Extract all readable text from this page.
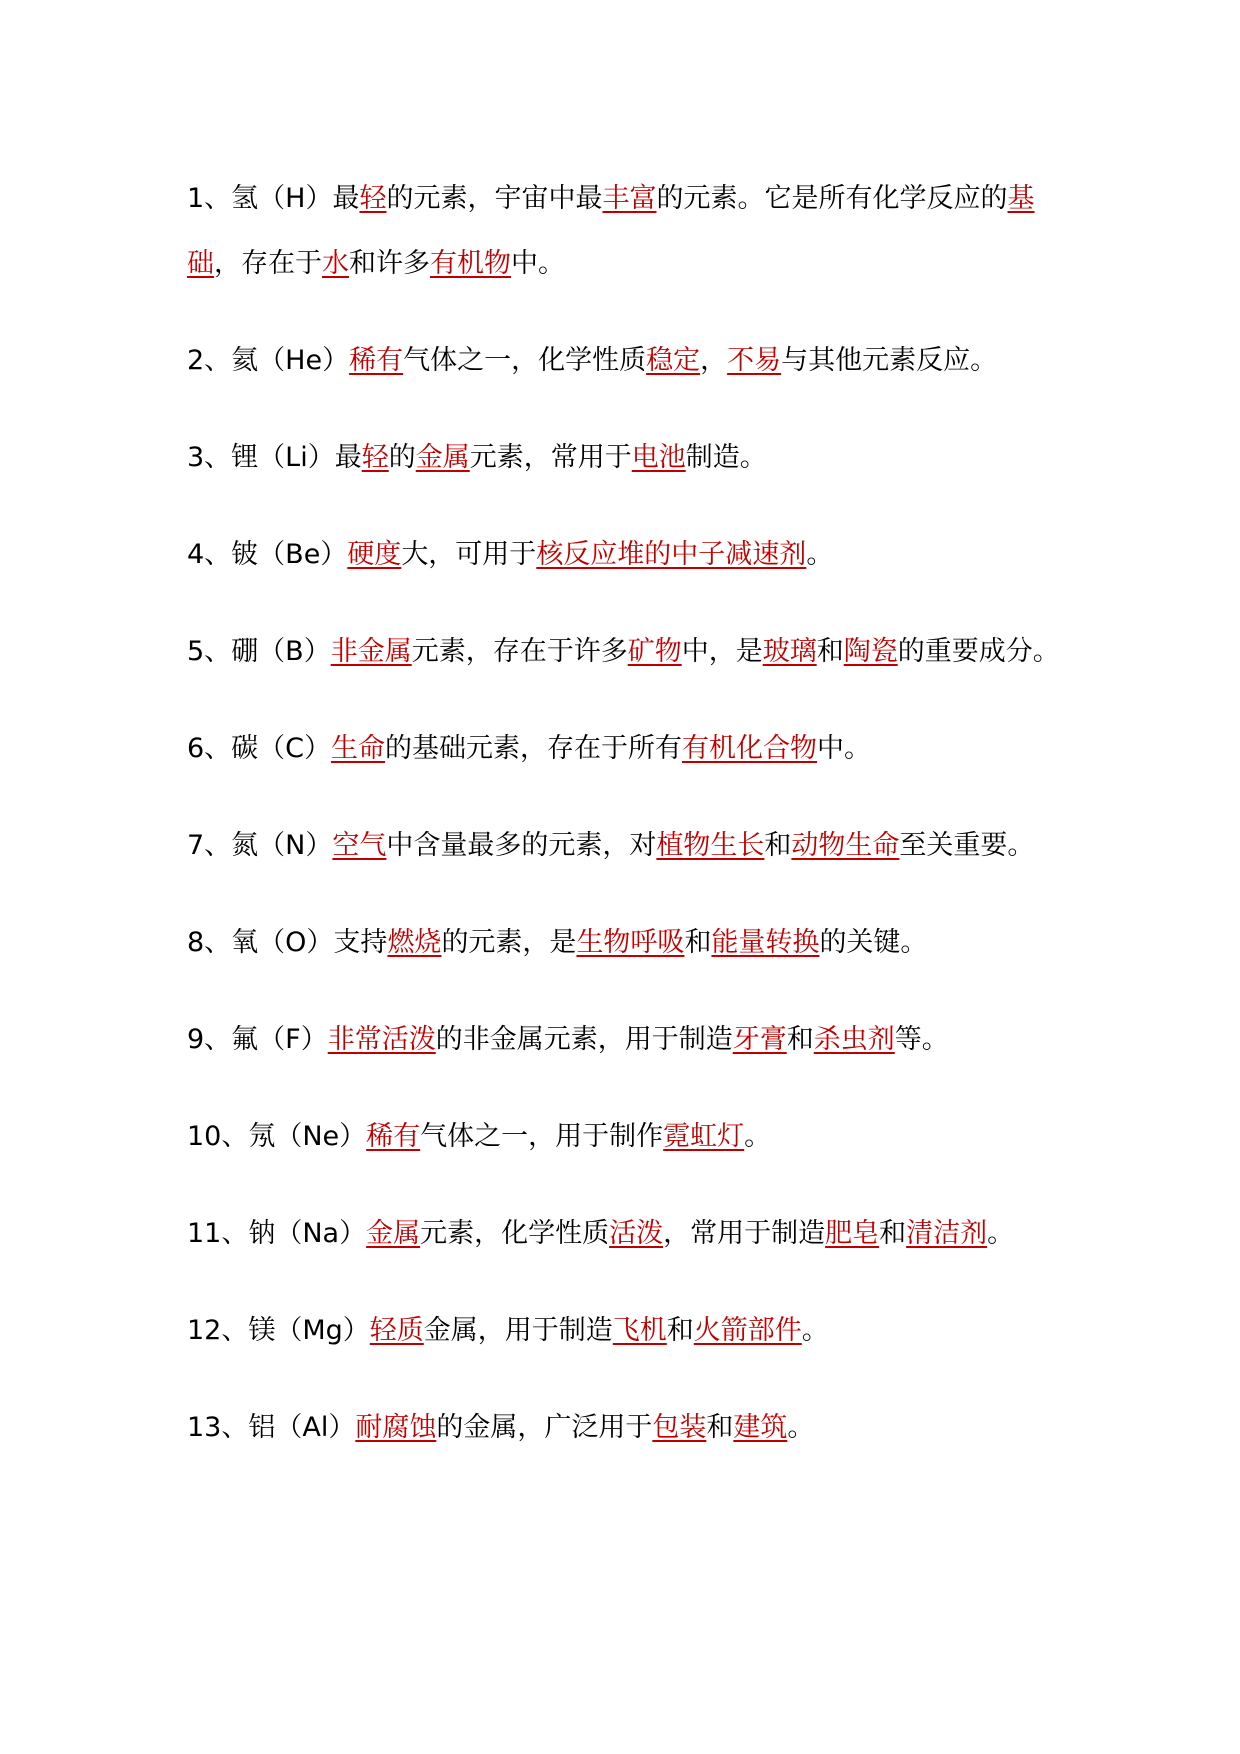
1、氢（H）最轻的元素，宇宙中最丰富的元素。它是所有化学反应的基础，存在于水和许多有机物中。

2、氦（He）稀有气体之一，化学性质稳定，不易与其他元素反应。

3、锂（Li）最轻的金属元素，常用于电池制造。

4、铍（Be）硬度大，可用于核反应堆的中子减速剂。

5、硼（B）非金属元素，存在于许多矿物中，是玻璃和陶瓷的重要成分。

6、碳（C）生命的基础元素，存在于所有有机化合物中。

7、氮（N）空气中含量最多的元素，对植物生长和动物生命至关重要。

8、氧（O）支持燃烧的元素，是生物呼吸和能量转换的关键。

9、氟（F）非常活泼的非金属元素，用于制造牙膏和杀虫剂等。

10、氖（Ne）稀有气体之一，用于制作霓虹灯。

11、钠（Na）金属元素，化学性质活泼，常用于制造肥皂和清洁剂。

12、镁（Mg）轻质金属，用于制造飞机和火箭部件。

13、铝（Al）耐腐蚀的金属，广泛用于包装和建筑。
